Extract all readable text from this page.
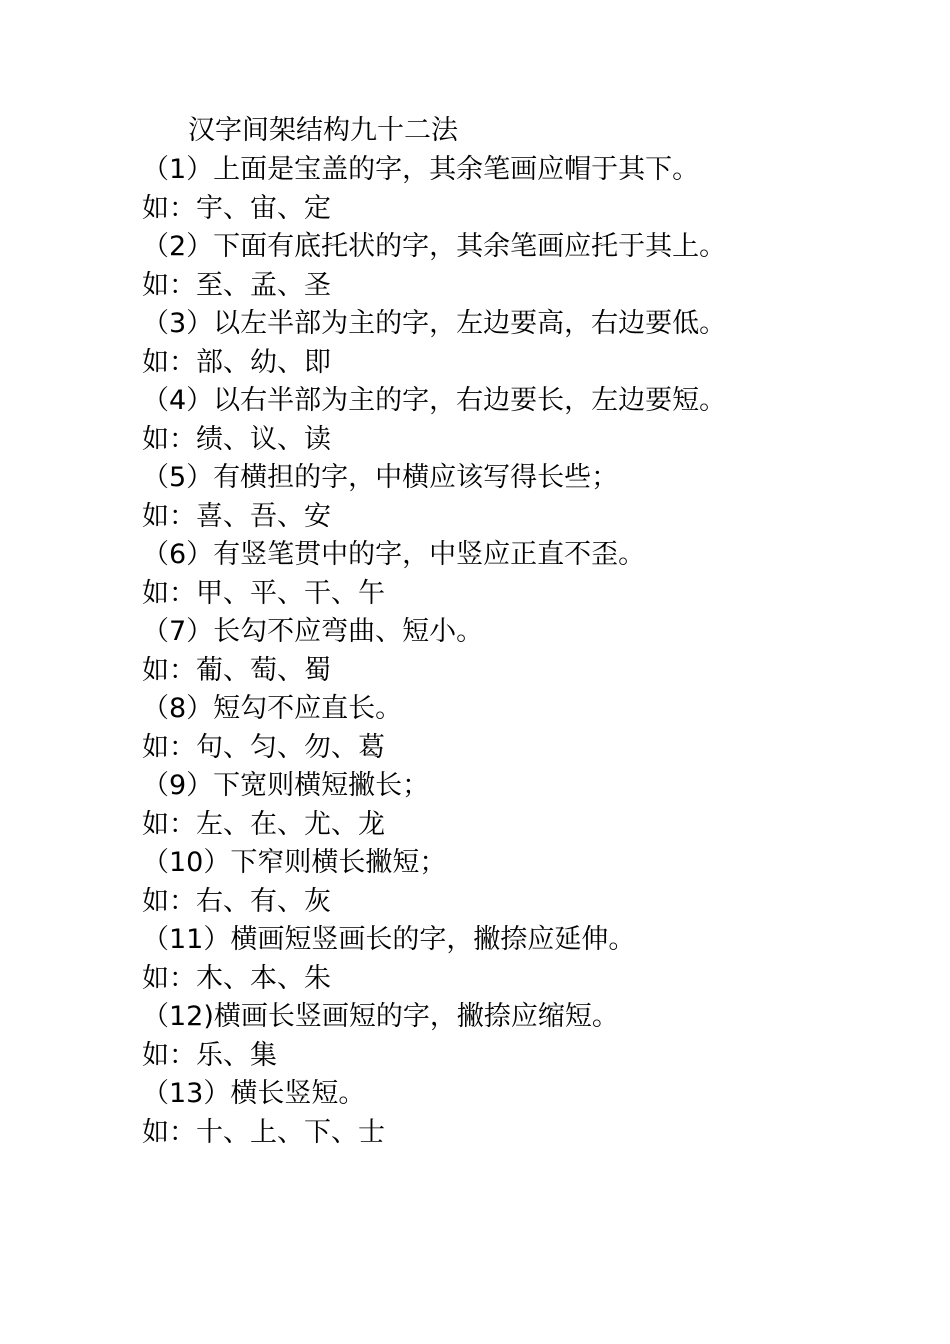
汉字间架结构九十二法
（1）上面是宝盖的字，其余笔画应帽于其下。
如：宇、宙、定
（2）下面有底托状的字，其余笔画应托于其上。
如：至、孟、圣
（3）以左半部为主的字，左边要高，右边要低。
如：部、幼、即
（4）以右半部为主的字，右边要长，左边要短。
如：绩、议、读
（5）有横担的字，中横应该写得长些；
如：喜、吾、安
（6）有竖笔贯中的字，中竖应正直不歪。
如：甲、平、干、午
（7）长勾不应弯曲、短小。
如：葡、萄、蜀
（8）短勾不应直长。
如：句、匀、勿、葛
（9）下宽则横短撇长；
如：左、在、尤、龙
（10）下窄则横长撇短；
如：右、有、灰
（11）横画短竖画长的字，撇捺应延伸。
如：木、本、朱
（12)横画长竖画短的字，撇捺应缩短。
如：乐、集
（13）横长竖短。
如：十、上、下、士
